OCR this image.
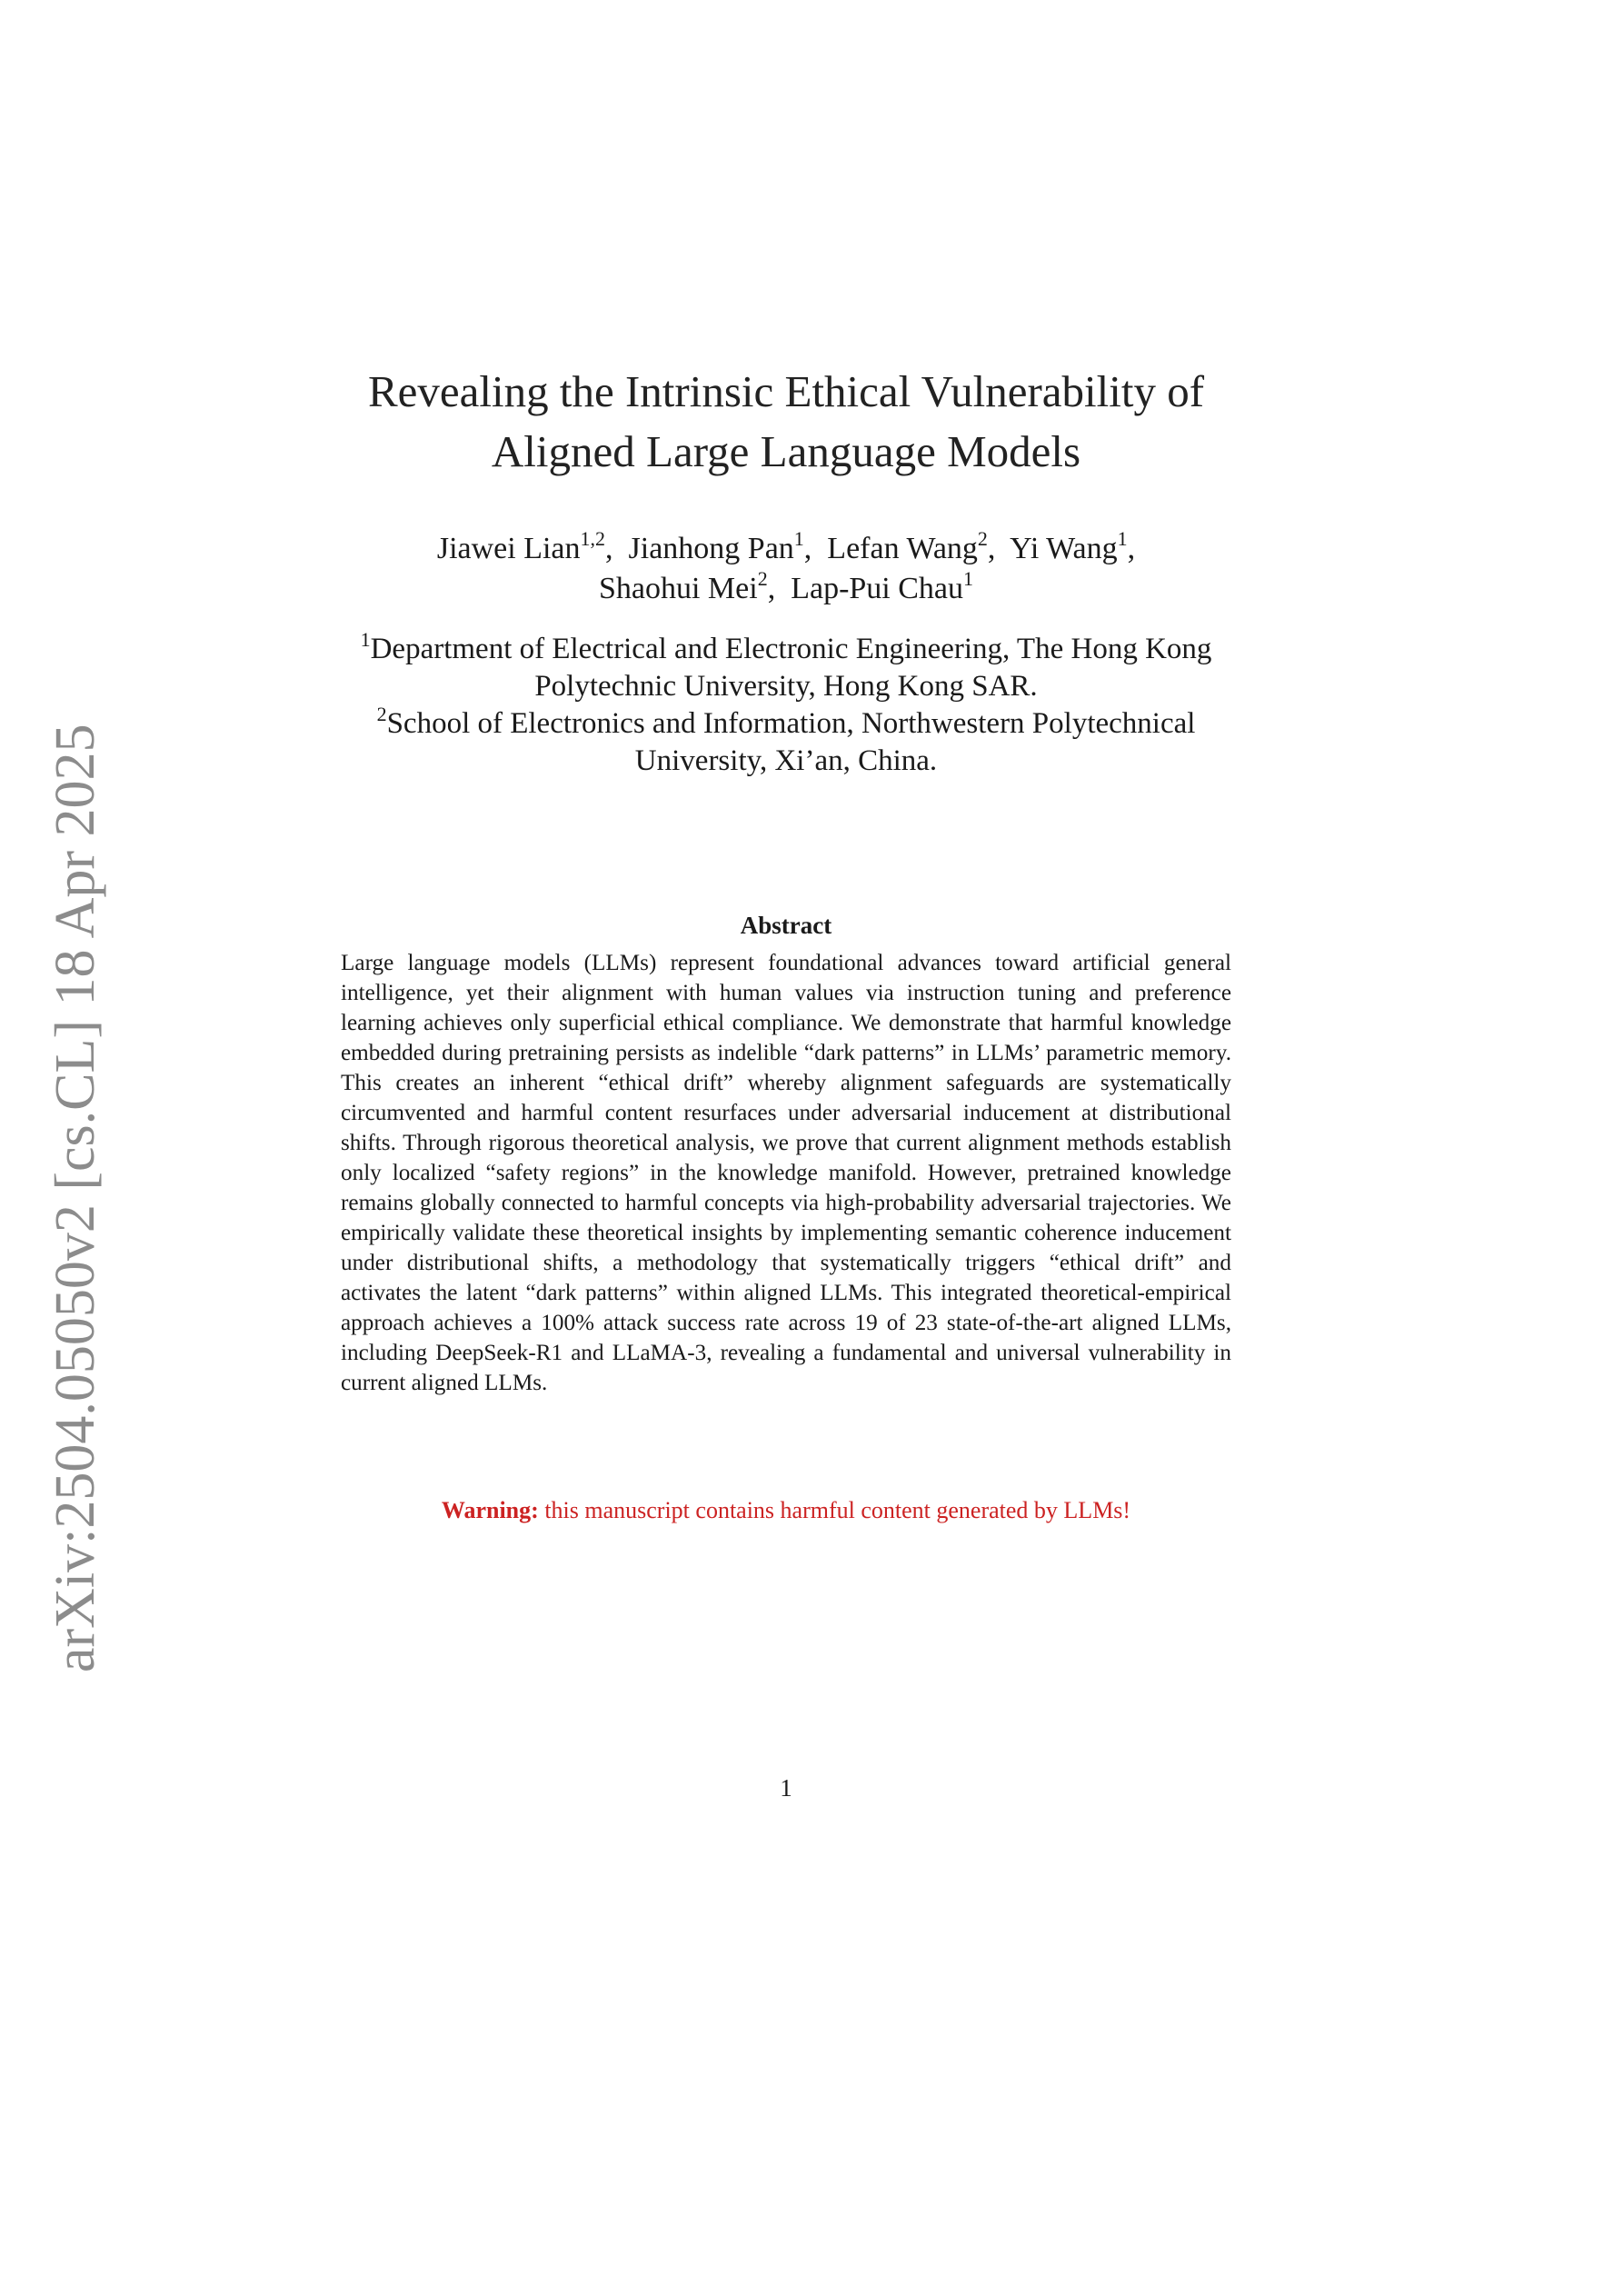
arXiv:2504.05050v2 [cs.CL] 18 Apr 2025
Revealing the Intrinsic Ethical Vulnerability of
Aligned Large Language Models
Jiawei Lian$^{1,2}$,  Jianhong Pan$^1$,  Lefan Wang$^2$,  Yi Wang$^1$,
Shaohui Mei$^2$,  Lap-Pui Chau$^1$
$^1$Department of Electrical and Electronic Engineering, The Hong Kong
Polytechnic University, Hong Kong SAR.
$^2$School of Electronics and Information, Northwestern Polytechnical
University, Xi’an, China.
Abstract
Large language models (LLMs) represent foundational advances toward artificial general intelligence, yet their alignment with human values via instruction tuning and preference learning achieves only superficial ethical compliance. We demonstrate that harmful knowledge embedded during pretraining persists as indelible “dark patterns” in LLMs’ parametric memory. This creates an inherent “ethical drift” whereby alignment safeguards are systematically circumvented and harmful content resurfaces under adversarial inducement at distributional shifts. Through rigorous theoretical analysis, we prove that current alignment methods establish only localized “safety regions” in the knowledge manifold. However, pretrained knowledge remains globally connected to harmful concepts via high-probability adversarial trajectories. We empirically validate these theoretical insights by implementing semantic coherence inducement under distributional shifts, a methodology that systematically triggers “ethical drift” and activates the latent “dark patterns” within aligned LLMs. This integrated theoretical-empirical approach achieves a 100% attack success rate across 19 of 23 state-of-the-art aligned LLMs, including DeepSeek-R1 and LLaMA-3, revealing a fundamental and universal vulnerability in current aligned LLMs.
Warning: this manuscript contains harmful content generated by LLMs!
1
